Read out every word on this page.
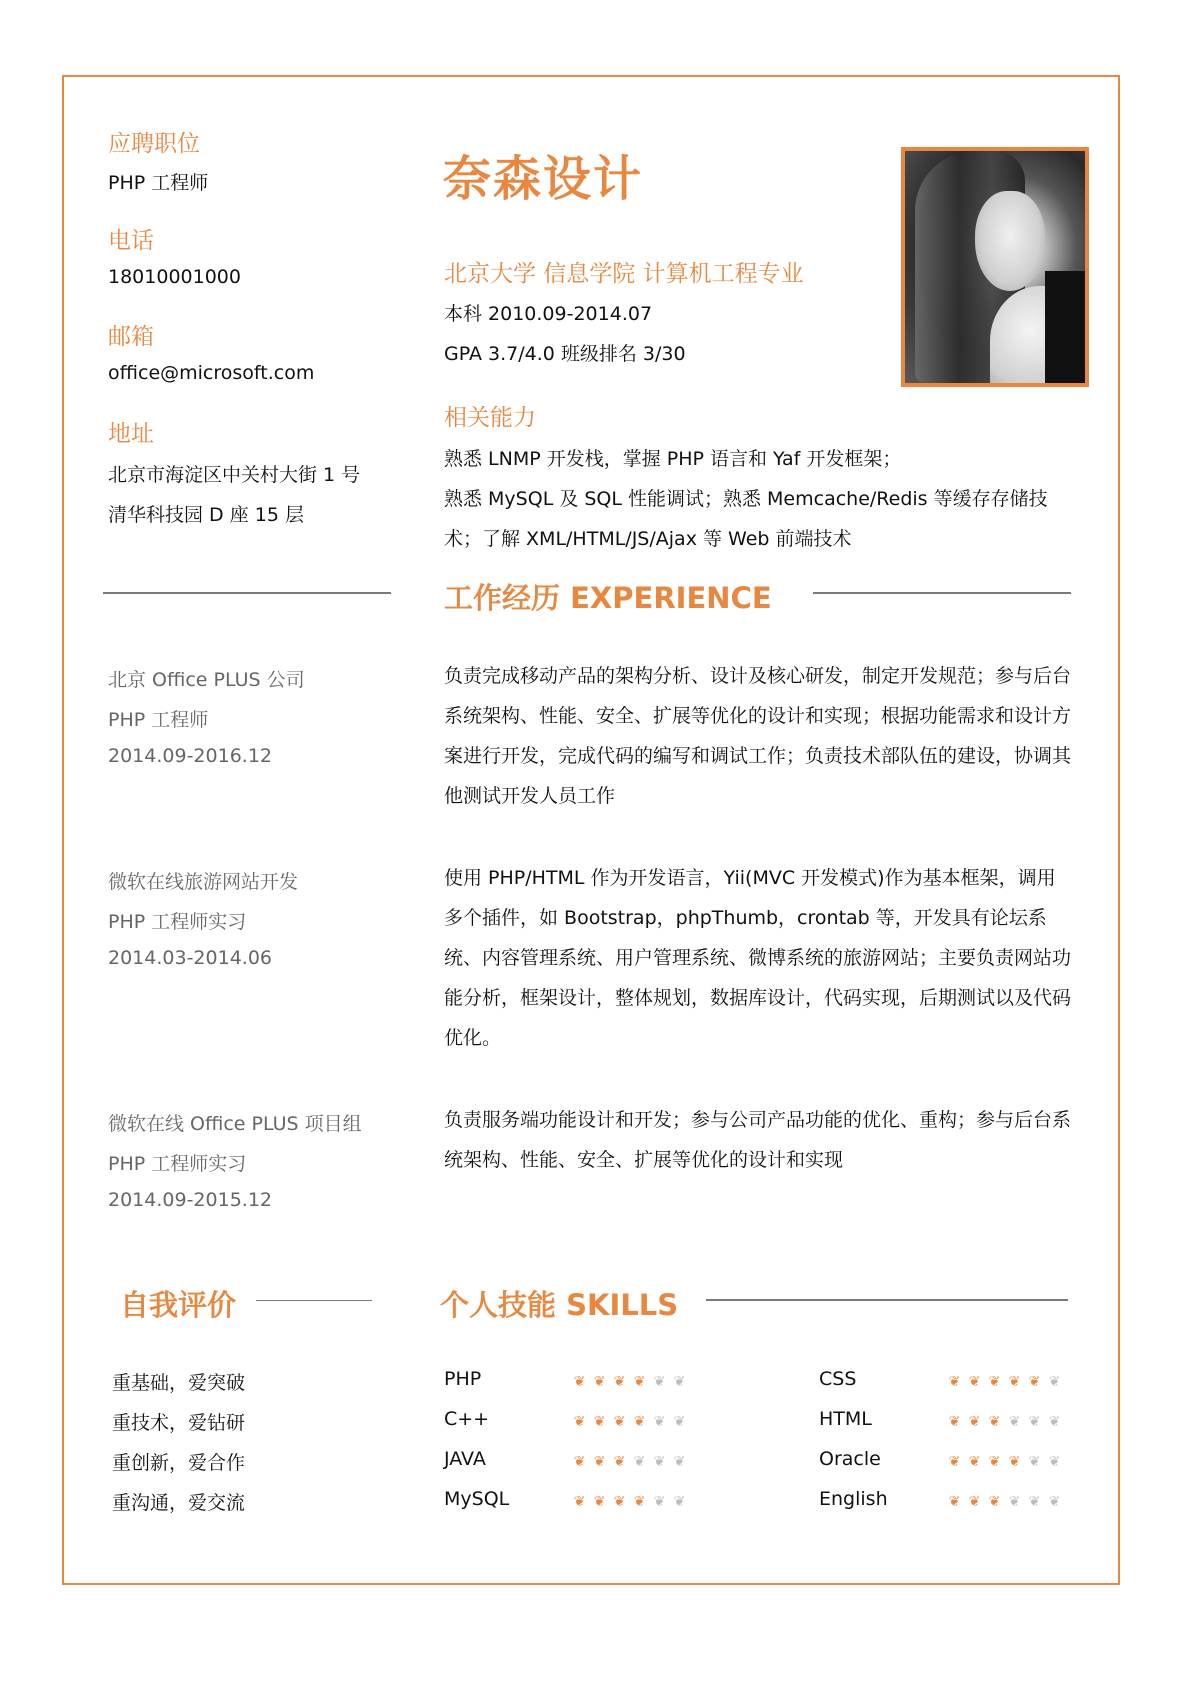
应聘职位
PHP 工程师
电话
18010001000
邮箱
office@microsoft.com
地址
北京市海淀区中关村大街 1 号
清华科技园 D 座 15 层
奈森设计
北京大学 信息学院 计算机工程专业
本科 2010.09-2014.07
GPA 3.7/4.0 班级排名 3/30
相关能力
熟悉 LNMP 开发栈，掌握 PHP 语言和 Yaf 开发框架；
熟悉 MySQL 及 SQL 性能调试；熟悉 Memcache/Redis 等缓存存储技
术；了解 XML/HTML/JS/Ajax 等 Web 前端技术
工作经历 EXPERIENCE
北京 Office PLUS 公司
PHP 工程师
2014.09-2016.12
负责完成移动产品的架构分析、设计及核心研发，制定开发规范；参与后台系统架构、性能、安全、扩展等优化的设计和实现；根据功能需求和设计方案进行开发，完成代码的编写和调试工作；负责技术部队伍的建设，协调其他测试开发人员工作
微软在线旅游网站开发
PHP 工程师实习
2014.03-2014.06
使用 PHP/HTML 作为开发语言，Yii(MVC 开发模式)作为基本框架，调用多个插件，如 Bootstrap，phpThumb，crontab 等，开发具有论坛系统、内容管理系统、用户管理系统、微博系统的旅游网站；主要负责网站功能分析，框架设计，整体规划，数据库设计，代码实现，后期测试以及代码优化。
微软在线 Office PLUS 项目组
PHP 工程师实习
2014.09-2015.12
负责服务端功能设计和开发；参与公司产品功能的优化、重构；参与后台系统架构、性能、安全、扩展等优化的设计和实现
自我评价
重基础，爱突破
重技术，爱钻研
重创新，爱合作
重沟通，爱交流
个人技能 SKILLS
PHP	❦ ❦ ❦ ❦ ❦ ❦
C++	❦ ❦ ❦ ❦ ❦ ❦
JAVA	❦ ❦ ❦ ❦ ❦ ❦
MySQL	❦ ❦ ❦ ❦ ❦ ❦
CSS	❦ ❦ ❦ ❦ ❦ ❦
HTML	❦ ❦ ❦ ❦ ❦ ❦
Oracle	❦ ❦ ❦ ❦ ❦ ❦
English	❦ ❦ ❦ ❦ ❦ ❦
